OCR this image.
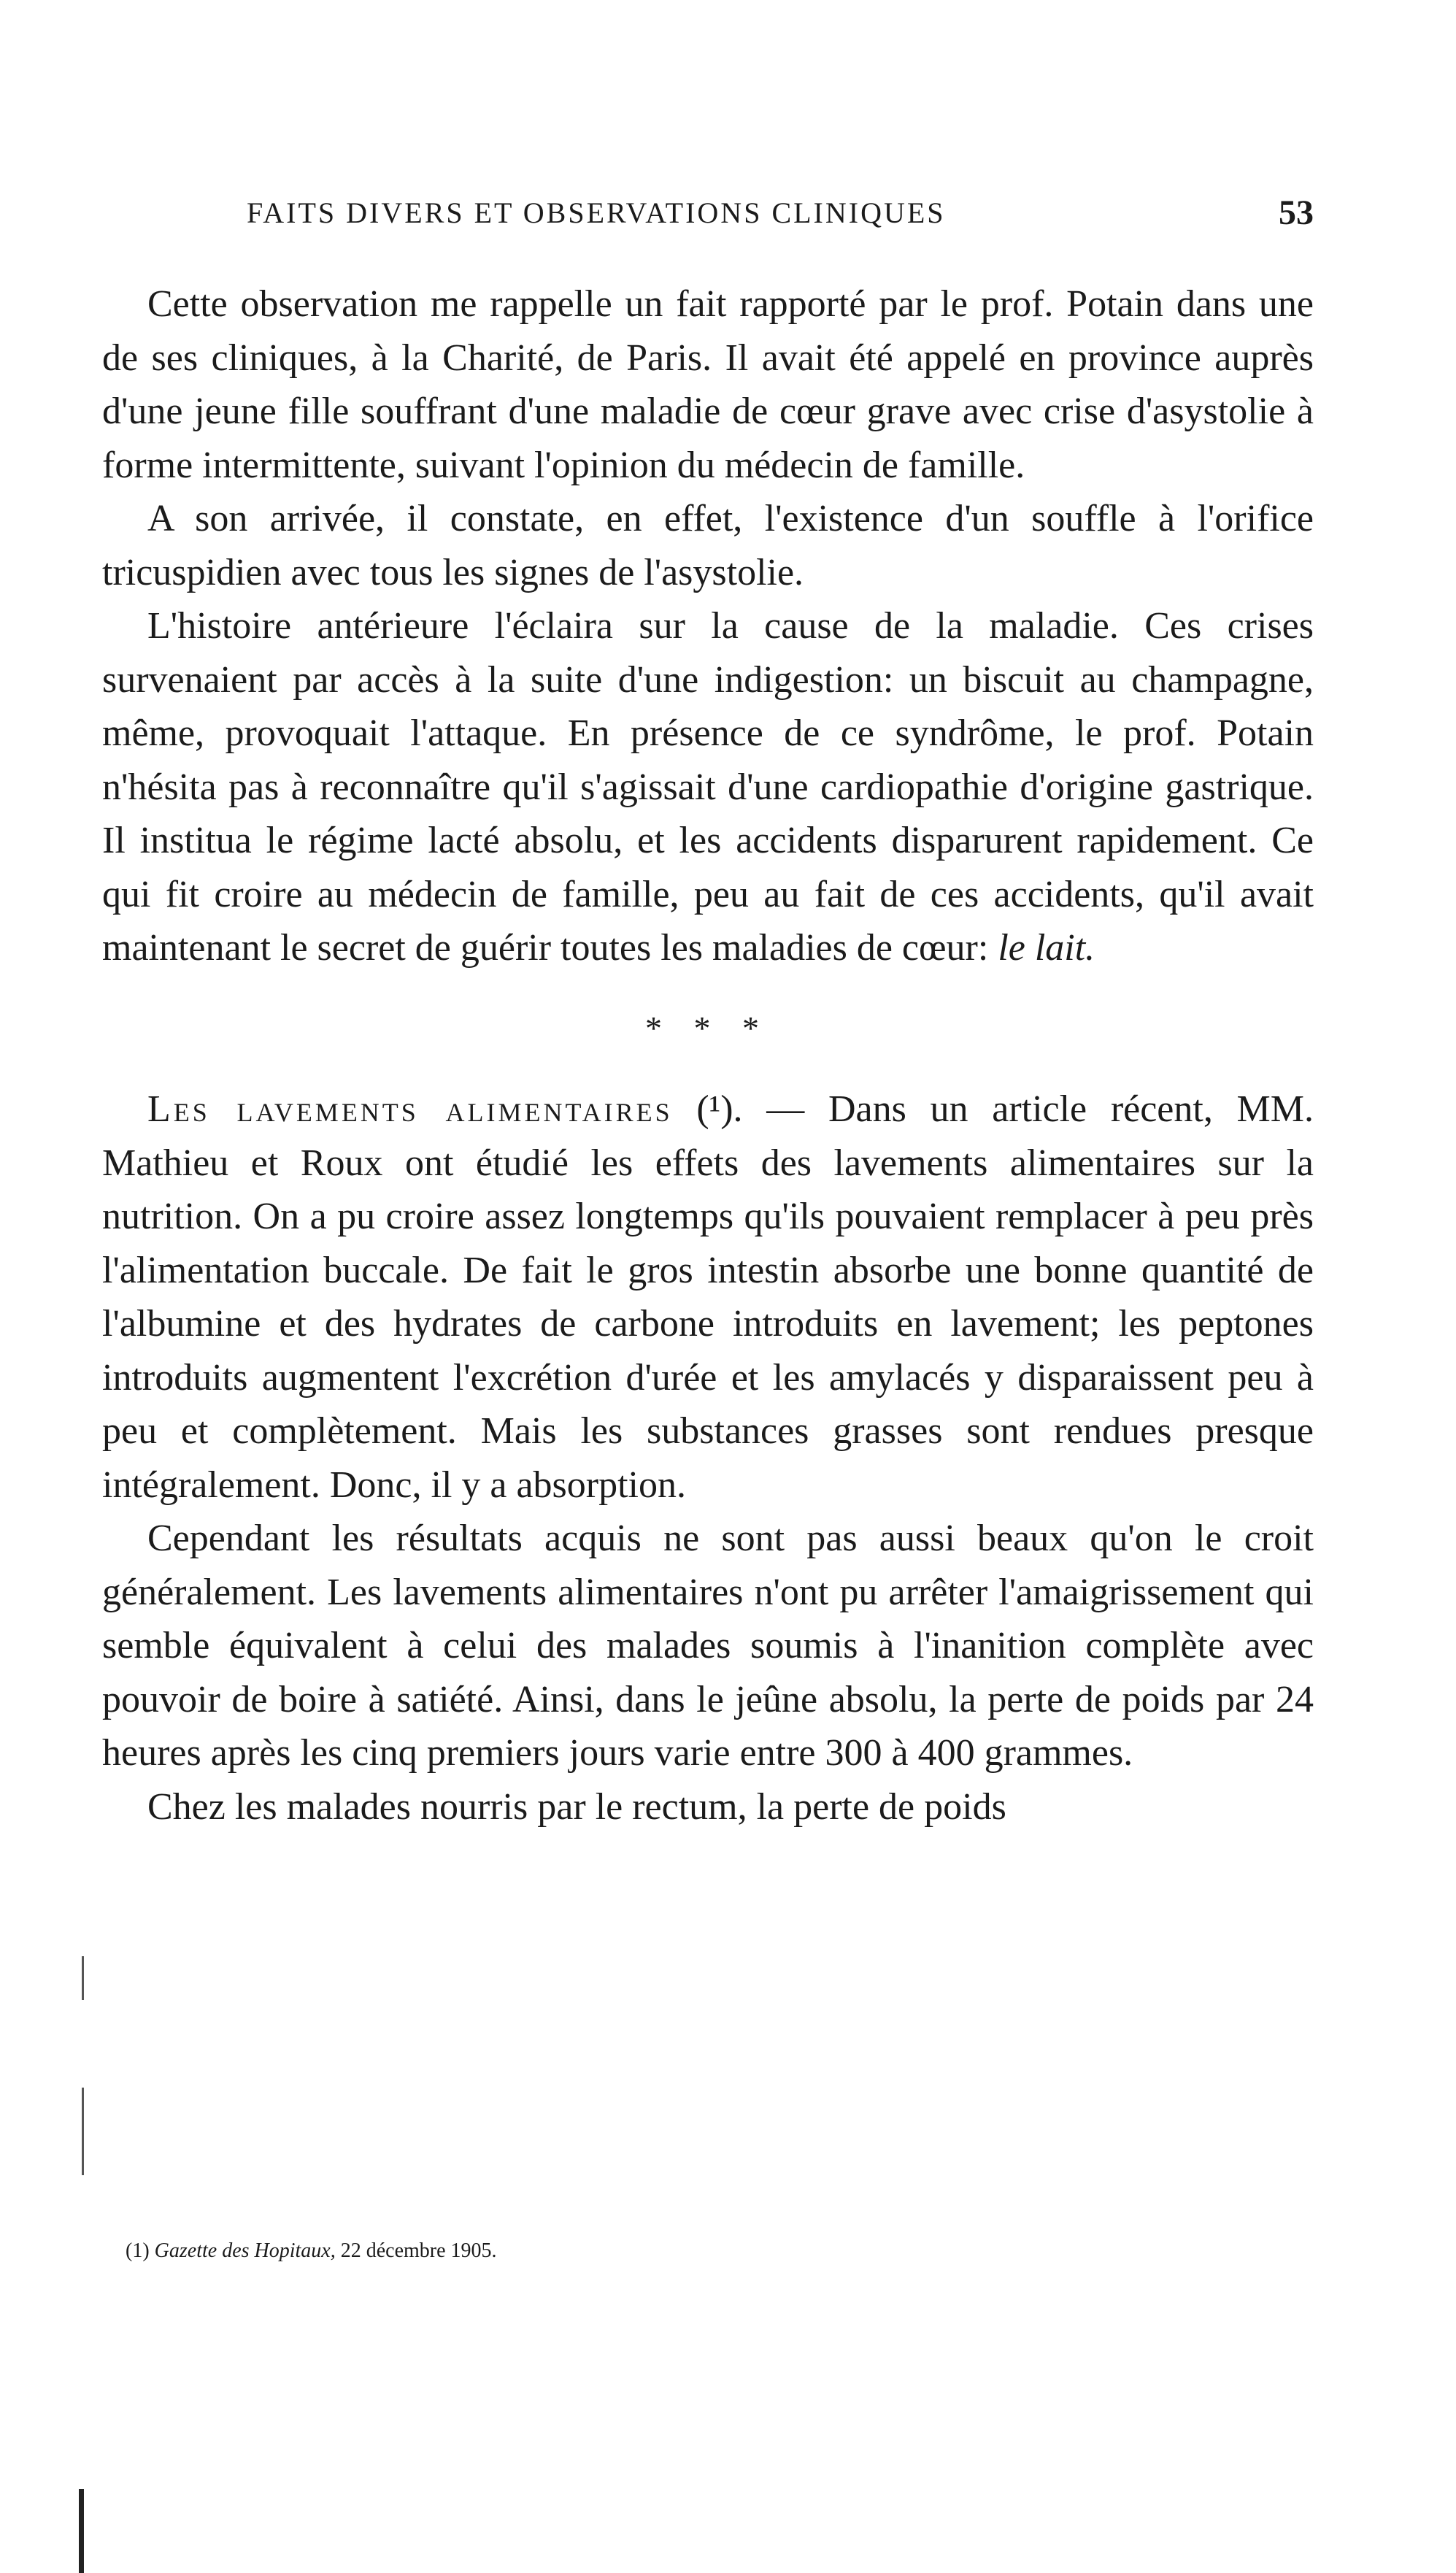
FAITS DIVERS ET OBSERVATIONS CLINIQUES	53

Cette observation me rappelle un fait rapporté par le prof. Potain dans une de ses cliniques, à la Charité, de Paris. Il avait été appelé en province auprès d'une jeune fille souffrant d'une maladie de cœur grave avec crise d'asystolie à forme intermittente, suivant l'opinion du médecin de famille.

A son arrivée, il constate, en effet, l'existence d'un souffle à l'orifice tricuspidien avec tous les signes de l'asystolie.

L'histoire antérieure l'éclaira sur la cause de la maladie. Ces crises survenaient par accès à la suite d'une indigestion: un biscuit au champagne, même, provoquait l'attaque. En présence de ce syndrôme, le prof. Potain n'hésita pas à reconnaître qu'il s'agissait d'une cardiopathie d'origine gastrique. Il institua le régime lacté absolu, et les accidents disparurent rapidement. Ce qui fit croire au médecin de famille, peu au fait de ces accidents, qu'il avait maintenant le secret de guérir toutes les maladies de cœur: le lait.

* * *

Les lavements alimentaires (¹). — Dans un article récent, MM. Mathieu et Roux ont étudié les effets des lavements alimentaires sur la nutrition. On a pu croire assez longtemps qu'ils pouvaient remplacer à peu près l'alimentation buccale. De fait le gros intestin absorbe une bonne quantité de l'albumine et des hydrates de carbone introduits en lavement; les peptones introduits augmentent l'excrétion d'urée et les amylacés y disparaissent peu à peu et complètement. Mais les substances grasses sont rendues presque intégralement. Donc, il y a absorption.

Cependant les résultats acquis ne sont pas aussi beaux qu'on le croit généralement. Les lavements alimentaires n'ont pu arrêter l'amaigrissement qui semble équivalent à celui des malades soumis à l'inanition complète avec pouvoir de boire à satiété. Ainsi, dans le jeûne absolu, la perte de poids par 24 heures après les cinq premiers jours varie entre 300 à 400 grammes.

Chez les malades nourris par le rectum, la perte de poids

(1) Gazette des Hopitaux, 22 décembre 1905.
